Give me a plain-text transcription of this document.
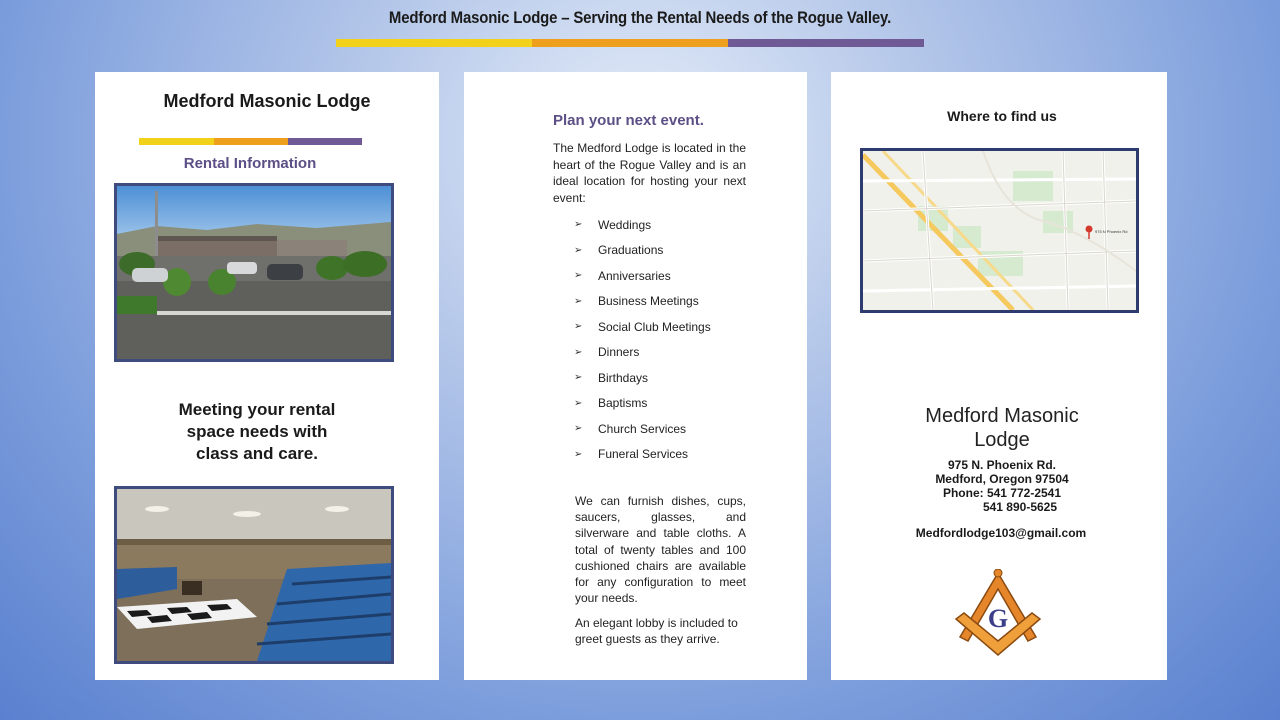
Medford Masonic Lodge – Serving the Rental Needs of the Rogue Valley.
Medford Masonic Lodge
Rental Information
Meeting your rental
space needs with
class and care.
Plan your next event.
The Medford Lodge is located in the heart of the Rogue Valley and is an ideal location for hosting your next event:
➢	Weddings
➢	Graduations
➢	Anniversaries
➢	Business Meetings
➢	Social Club Meetings
➢	Dinners
➢	Birthdays
➢	Baptisms
➢	Church Services
➢	Funeral Services
We can furnish dishes, cups, saucers, glasses, and silverware and table cloths. A total of twenty tables and 100 cushioned chairs are available for any configuration to meet your needs.
An elegant lobby is included to greet guests as they arrive.
Where to find us
975 N Phoenix Rd
Medford Masonic
Lodge
975 N. Phoenix Rd.
Medford, Oregon 97504
Phone: 541 772-2541
541 890-5625
Medfordlodge103@gmail.com
G
